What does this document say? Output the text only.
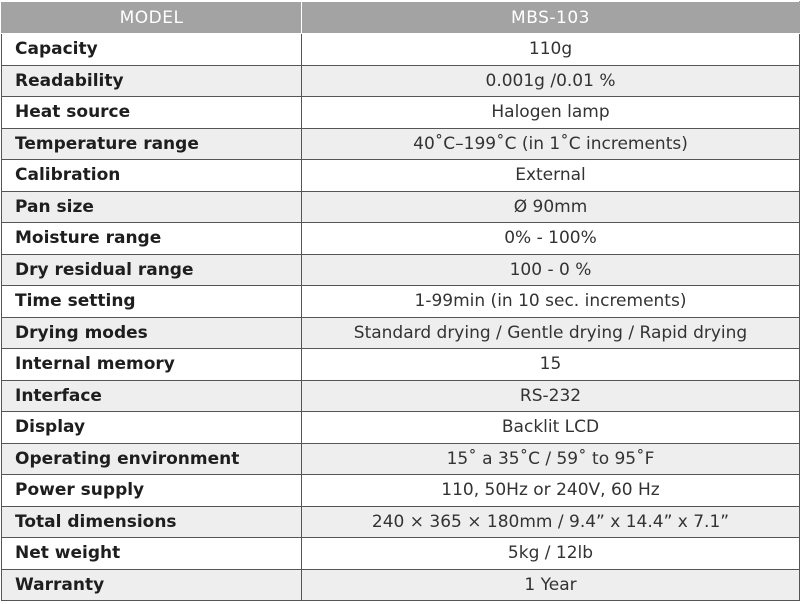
MODEL	MBS-103
Capacity	110g
Readability	0.001g /0.01 %
Heat source	Halogen lamp
Temperature range	40˚C–199˚C (in 1˚C increments)
Calibration	External
Pan size	Ø 90mm
Moisture range	0% - 100%
Dry residual range	100 - 0 %
Time setting	1-99min (in 10 sec. increments)
Drying modes	Standard drying / Gentle drying / Rapid drying
Internal memory	15
Interface	RS-232
Display	Backlit LCD
Operating environment	15˚ a 35˚C / 59˚ to 95˚F
Power supply	110, 50Hz or 240V, 60 Hz
Total dimensions	240 × 365 × 180mm / 9.4” x 14.4” x 7.1”
Net weight	5kg / 12lb
Warranty	1 Year
